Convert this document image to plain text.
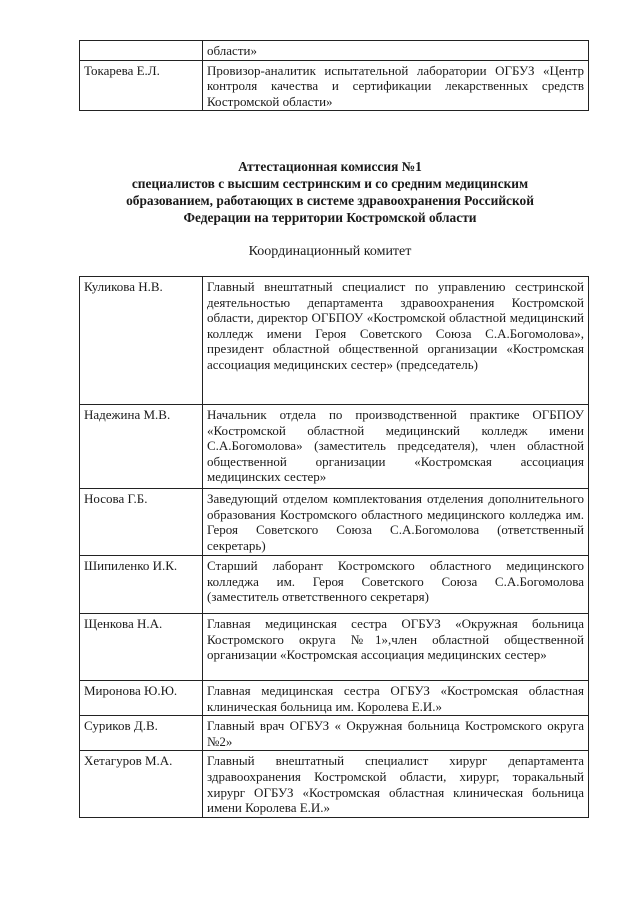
	области»
Токарева Е.Л.	Провизор-аналитик испытательной лаборатории ОГБУЗ «Центр контроля качества и сертификации лекарственных средств Костромской области»
Аттестационная комиссия №1
специалистов с высшим сестринским и со средним медицинским
образованием, работающих в системе здравоохранения Российской
Федерации на территории Костромской области
Координационный комитет
Куликова Н.В.	Главный внештатный специалист по управлению сестринской деятельностью департамента здравоохранения Костромской области, директор ОГБПОУ «Костромской областной медицинский колледж имени Героя Советского Союза С.А.Богомолова», президент областной общественной организации «Костромская ассоциация медицинских сестер» (председатель)
Надежина М.В.	Начальник отдела по производственной практике ОГБПОУ «Костромской областной медицинский колледж имени С.А.Богомолова» (заместитель председателя), член областной общественной организации «Костромская ассоциация медицинских сестер»
Носова Г.Б.	Заведующий отделом комплектования отделения дополнительного образования Костромского областного медицинского колледжа им. Героя Советского Союза С.А.Богомолова (ответственный секретарь)
Шипиленко И.К.	Старший лаборант Костромского областного медицинского колледжа им. Героя Советского Союза С.А.Богомолова (заместитель ответственного секретаря)
Щенкова Н.А.	Главная медицинская сестра ОГБУЗ «Окружная больница Костромского округа №1»,член областной общественной организации «Костромская ассоциация медицинских сестер»
Миронова Ю.Ю.	Главная медицинская сестра ОГБУЗ «Костромская областная клиническая больница им. Королева Е.И.»
Суриков Д.В.	Главный врач ОГБУЗ « Окружная больница Костромского округа №2»
Хетагуров М.А.	Главный внештатный специалист хирург департамента здравоохранения Костромской области, хирург, торакальный хирург ОГБУЗ «Костромская областная клиническая больница имени Королева Е.И.»
